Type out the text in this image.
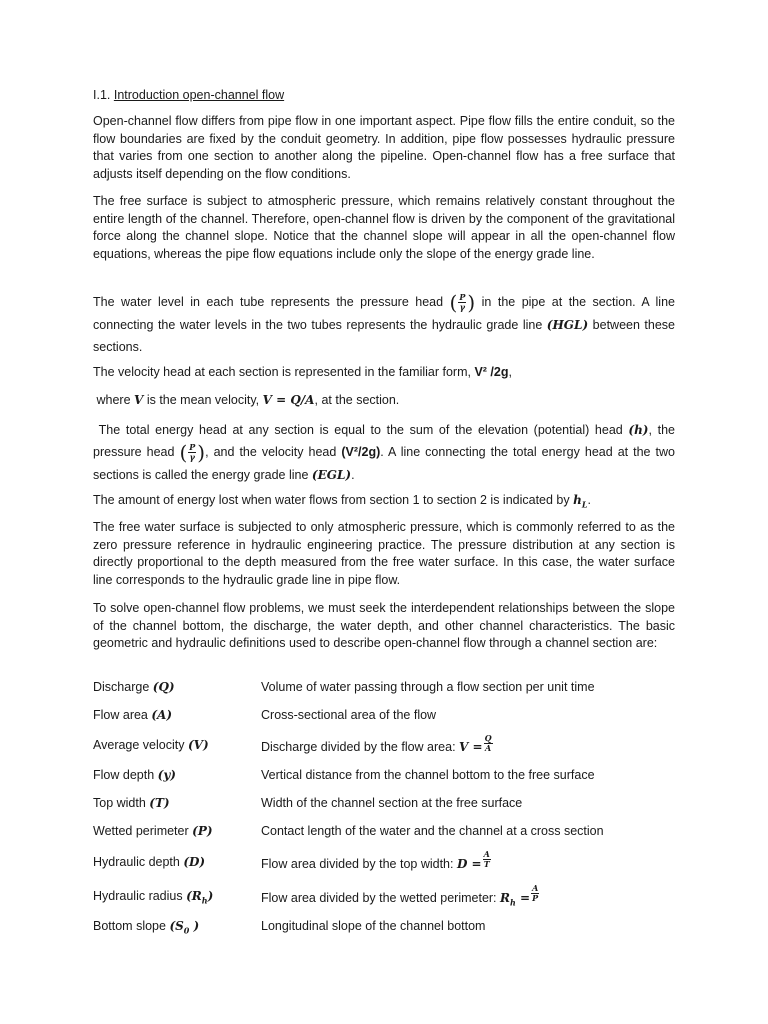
I.1. Introduction open-channel flow
Open-channel flow differs from pipe flow in one important aspect. Pipe flow fills the entire conduit, so the flow boundaries are fixed by the conduit geometry. In addition, pipe flow possesses hydraulic pressure that varies from one section to another along the pipeline. Open-channel flow has a free surface that adjusts itself depending on the flow conditions.
The free surface is subject to atmospheric pressure, which remains relatively constant throughout the entire length of the channel. Therefore, open-channel flow is driven by the component of the gravitational force along the channel slope. Notice that the channel slope will appear in all the open-channel flow equations, whereas the pipe flow equations include only the slope of the energy grade line.
The water level in each tube represents the pressure head ( $\frac{P}{\gamma}$ ) in the pipe at the section. A line connecting the water levels in the two tubes represents the hydraulic grade line (HGL) between these sections.
The velocity head at each section is represented in the familiar form, V² /2g,
where V is the mean velocity, V = Q/A, at the section.
The total energy head at any section is equal to the sum of the elevation (potential) head (h), the pressure head ( $\frac{P}{\gamma}$ ), and the velocity head (V²/2g). A line connecting the total energy head at the two sections is called the energy grade line (EGL).
The amount of energy lost when water flows from section 1 to section 2 is indicated by $h_L$.
The free water surface is subjected to only atmospheric pressure, which is commonly referred to as the zero pressure reference in hydraulic engineering practice. The pressure distribution at any section is directly proportional to the depth measured from the free water surface. In this case, the water surface line corresponds to the hydraulic grade line in pipe flow.
To solve open-channel flow problems, we must seek the interdependent relationships between the slope of the channel bottom, the discharge, the water depth, and other channel characteristics. The basic geometric and hydraulic definitions used to describe open-channel flow through a channel section are:
Discharge (Q)	Volume of water passing through a flow section per unit time
Flow area (A)	Cross-sectional area of the flow
Average velocity (V)	Discharge divided by the flow area: $V = \frac{Q}{A}$
Flow depth (y)	Vertical distance from the channel bottom to the free surface
Top width (T)	Width of the channel section at the free surface
Wetted perimeter (P)	Contact length of the water and the channel at a cross section
Hydraulic depth (D)	Flow area divided by the top width: $D = \frac{A}{T}$
Hydraulic radius $(R_h)$	Flow area divided by the wetted perimeter: $R_h = \frac{A}{P}$
Bottom slope ($S_0$ )	Longitudinal slope of the channel bottom
